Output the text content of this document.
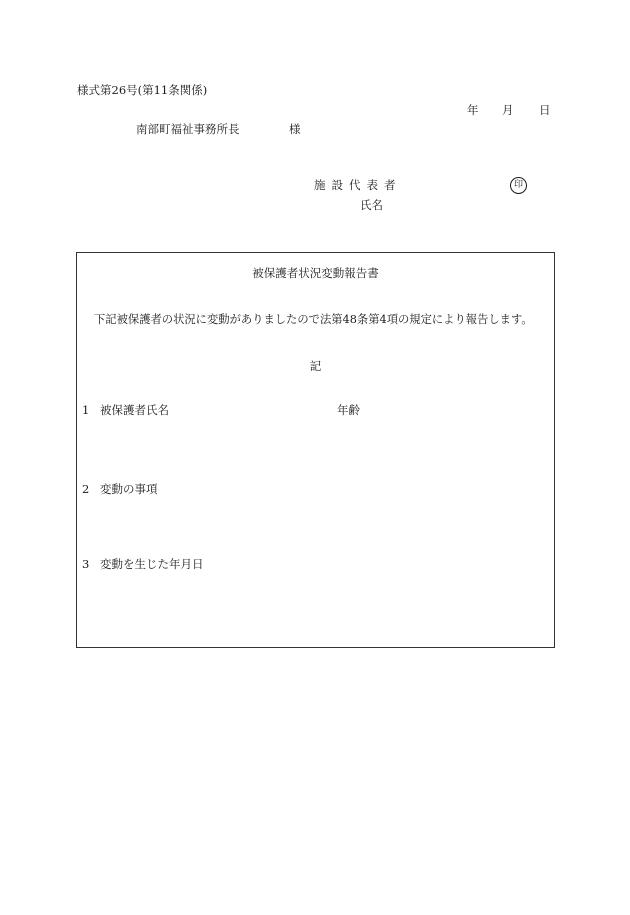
様式第26号(第11条関係)
年 月 日
南部町福祉事務所長	様
施設代表者
氏名
印
被保護者状況変動報告書
下記被保護者の状況に変動がありましたので法第48条第4項の規定により報告します。
記
1 被保護者氏名	年齢
2 変動の事項
3 変動を生じた年月日
